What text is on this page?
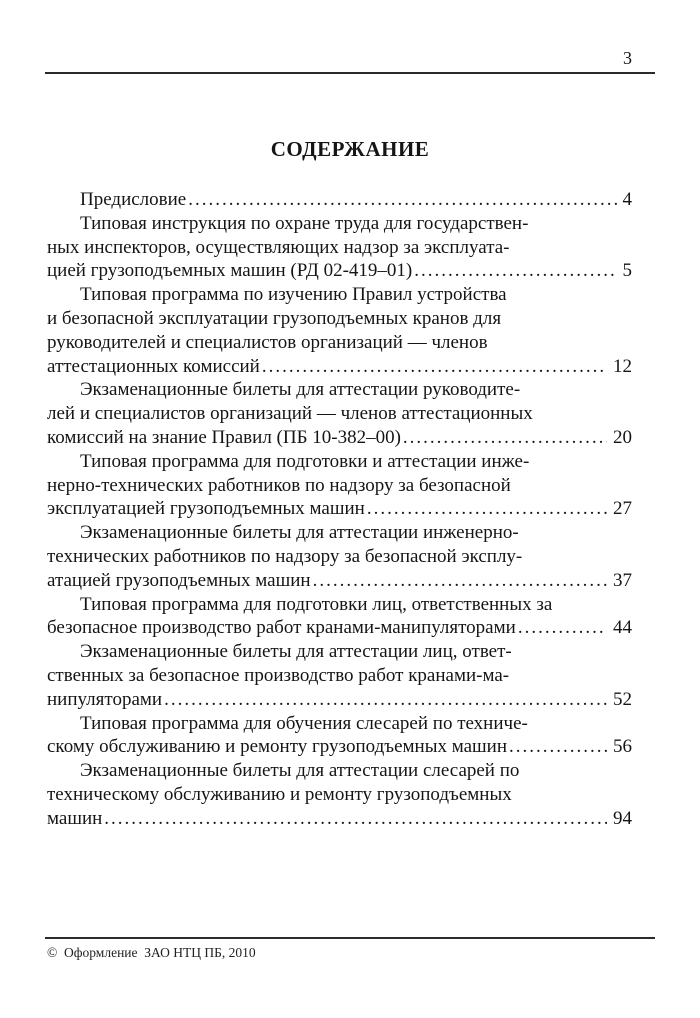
3
СОДЕРЖАНИЕ
Предисловие .....	4
Типовая инструкция по охране труда для государствен-
ных инспекторов, осуществляющих надзор за эксплуата-
цией грузоподъемных машин (РД 02-419–01) .....	5
Типовая программа по изучению Правил устройства
и безопасной эксплуатации грузоподъемных кранов для
руководителей и специалистов организаций — членов
аттестационных комиссий .....	12
Экзаменационные билеты для аттестации руководите-
лей и специалистов организаций — членов аттестационных
комиссий на знание Правил (ПБ 10-382–00) .....	20
Типовая программа для подготовки и аттестации инже-
нерно-технических работников по надзору за безопасной
эксплуатацией грузоподъемных машин .....	27
Экзаменационные билеты для аттестации инженерно-
технических работников по надзору за безопасной эксплу-
атацией грузоподъемных машин .....	37
Типовая программа для подготовки лиц, ответственных за
безопасное производство работ кранами-манипуляторами .....	44
Экзаменационные билеты для аттестации лиц, ответ-
ственных за безопасное производство работ кранами-ма-
нипуляторами .....	52
Типовая программа для обучения слесарей по техниче-
скому обслуживанию и ремонту грузоподъемных машин .....	56
Экзаменационные билеты для аттестации слесарей по
техническому обслуживанию и ремонту грузоподъемных
машин .....	94
©  Оформление  ЗАО НТЦ ПБ, 2010
